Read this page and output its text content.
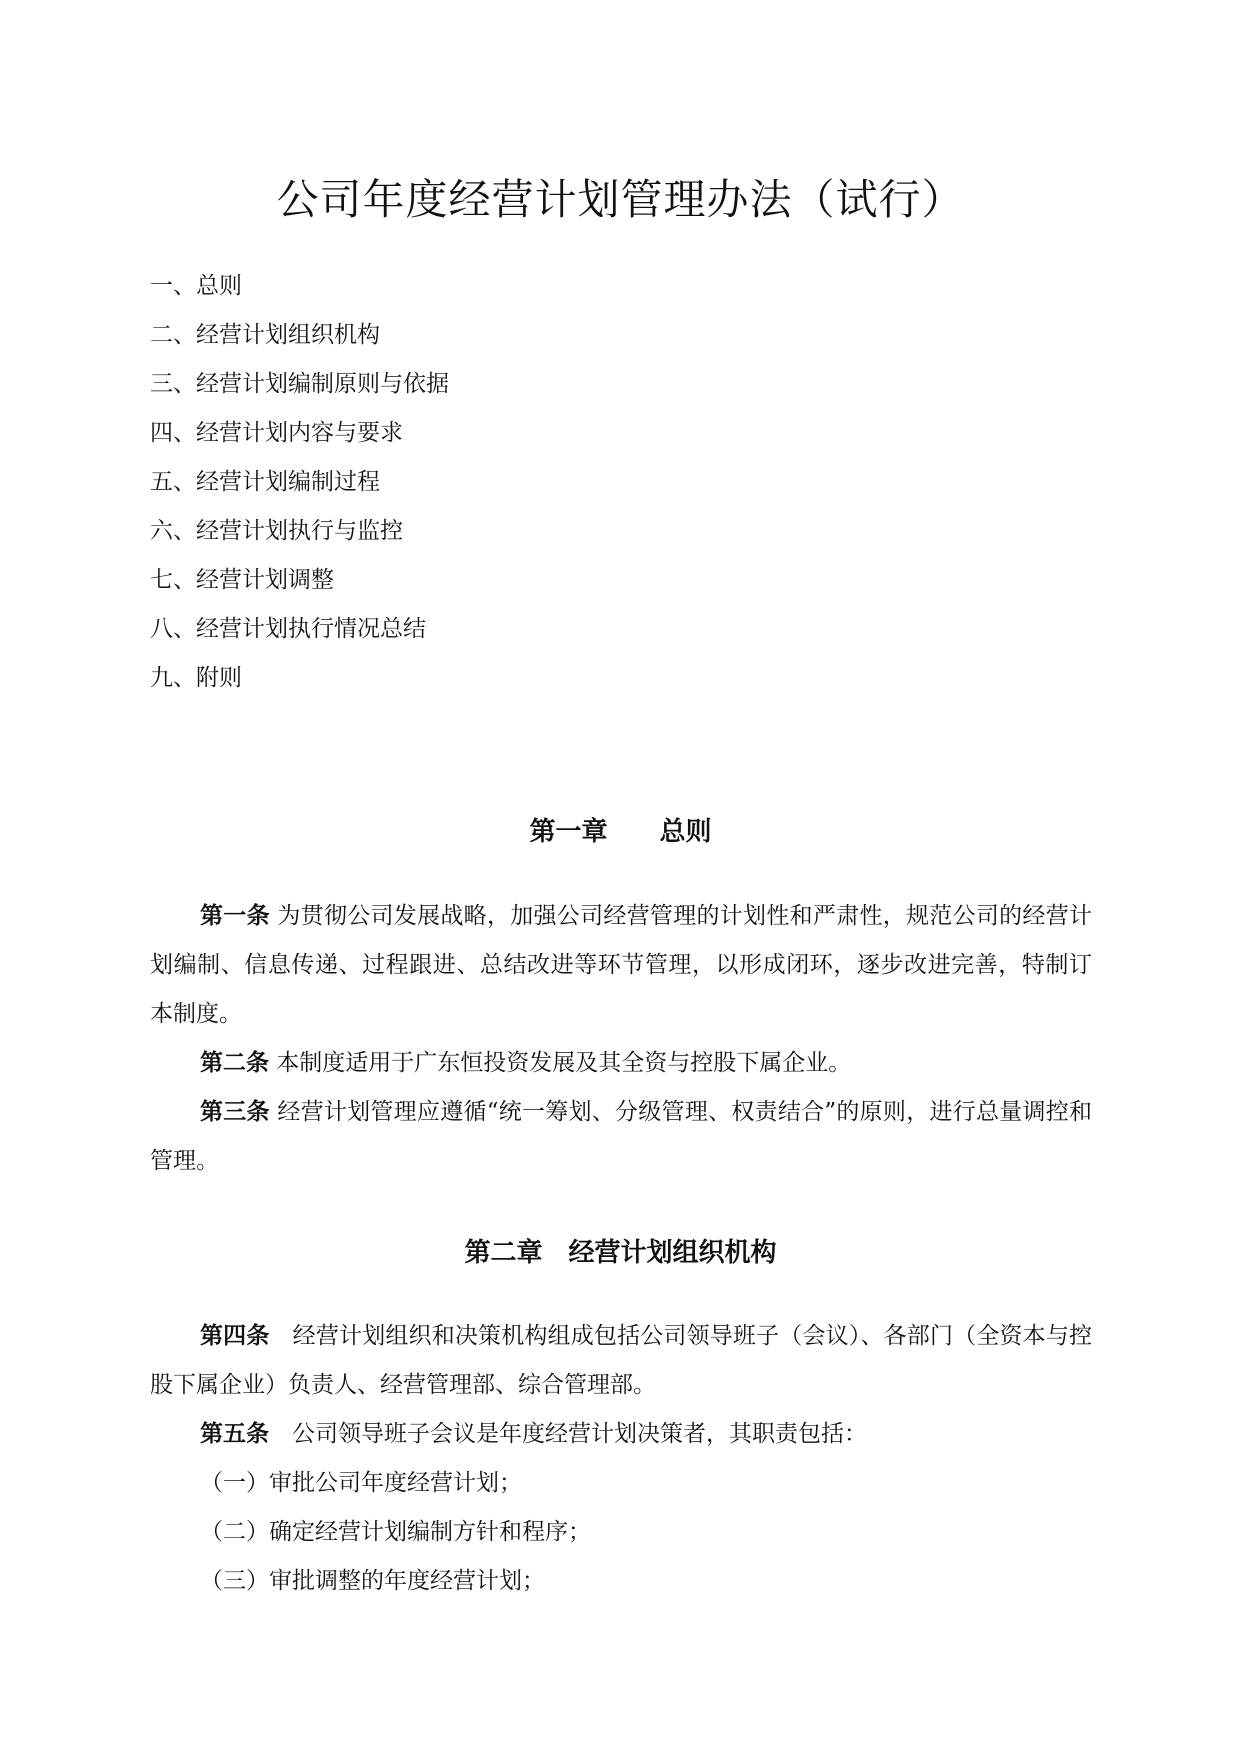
公司年度经营计划管理办法（试行）
一、总则
二、经营计划组织机构
三、经营计划编制原则与依据
四、经营计划内容与要求
五、经营计划编制过程
六、经营计划执行与监控
七、经营计划调整
八、经营计划执行情况总结
九、附则
第一章　　总则

第一条 为贯彻公司发展战略，加强公司经营管理的计划性和严肃性，规范公司的经营计划编制、信息传递、过程跟进、总结改进等环节管理，以形成闭环，逐步改进完善，特制订本制度。

第二条 本制度适用于广东恒投资发展及其全资与控股下属企业。

第三条 经营计划管理应遵循“统一筹划、分级管理、权责结合”的原则，进行总量调控和管理。

第二章　经营计划组织机构

第四条　经营计划组织和决策机构组成包括公司领导班子（会议）、各部门（全资本与控股下属企业）负责人、经营管理部、综合管理部。

第五条　公司领导班子会议是年度经营计划决策者，其职责包括：

（一）审批公司年度经营计划；

（二）确定经营计划编制方针和程序；

（三）审批调整的年度经营计划；
